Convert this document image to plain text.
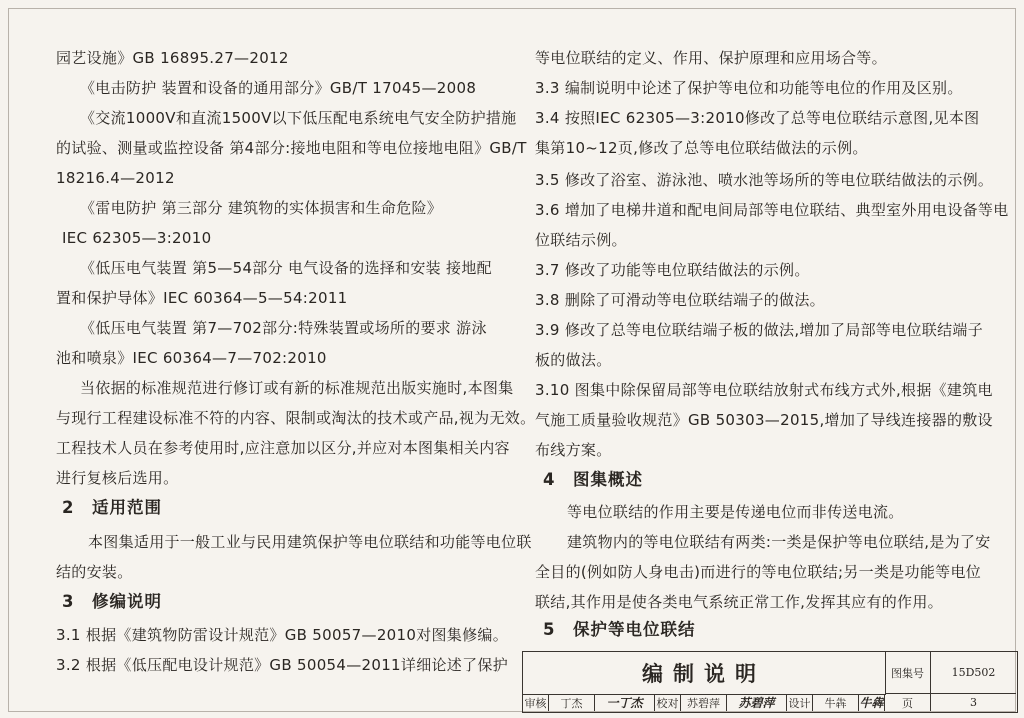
园艺设施》GB 16895.27—2012
《电击防护 装置和设备的通用部分》GB/T 17045—2008
《交流1000V和直流1500V以下低压配电系统电气安全防护措施
的试验、测量或监控设备 第4部分:接地电阻和等电位接地电阻》GB/T
18216.4—2012
《雷电防护 第三部分 建筑物的实体损害和生命危险》
IEC 62305—3:2010
《低压电气装置 第5—54部分 电气设备的选择和安装 接地配
置和保护导体》IEC 60364—5—54:2011
《低压电气装置 第7—702部分:特殊装置或场所的要求 游泳
池和喷泉》IEC 60364—7—702:2010
当依据的标准规范进行修订或有新的标准规范出版实施时,本图集
与现行工程建设标准不符的内容、限制或淘汰的技术或产品,视为无效。
工程技术人员在参考使用时,应注意加以区分,并应对本图集相关内容
进行复核后选用。
2 适用范围
本图集适用于一般工业与民用建筑保护等电位联结和功能等电位联
结的安装。
3 修编说明
3.1 根据《建筑物防雷设计规范》GB 50057—2010对图集修编。
3.2 根据《低压配电设计规范》GB 50054—2011详细论述了保护
等电位联结的定义、作用、保护原理和应用场合等。
3.3 编制说明中论述了保护等电位和功能等电位的作用及区别。
3.4 按照IEC 62305—3:2010修改了总等电位联结示意图,见本图
集第10~12页,修改了总等电位联结做法的示例。
3.5 修改了浴室、游泳池、喷水池等场所的等电位联结做法的示例。
3.6 增加了电梯井道和配电间局部等电位联结、典型室外用电设备等电
位联结示例。
3.7 修改了功能等电位联结做法的示例。
3.8 删除了可滑动等电位联结端子的做法。
3.9 修改了总等电位联结端子板的做法,增加了局部等电位联结端子
板的做法。
3.10 图集中除保留局部等电位联结放射式布线方式外,根据《建筑电
气施工质量验收规范》GB 50303—2015,增加了导线连接器的敷设
布线方案。
4 图集概述
等电位联结的作用主要是传递电位而非传送电流。
建筑物内的等电位联结有两类:一类是保护等电位联结,是为了安
全目的(例如防人身电击)而进行的等电位联结;另一类是功能等电位
联结,其作用是使各类电气系统正常工作,发挥其应有的作用。
5 保护等电位联结
编制说明	图集号	15D502
审核	丁杰	一丁杰	校对 苏碧萍	苏碧萍	设计	牛犇	牛犇	页	3
